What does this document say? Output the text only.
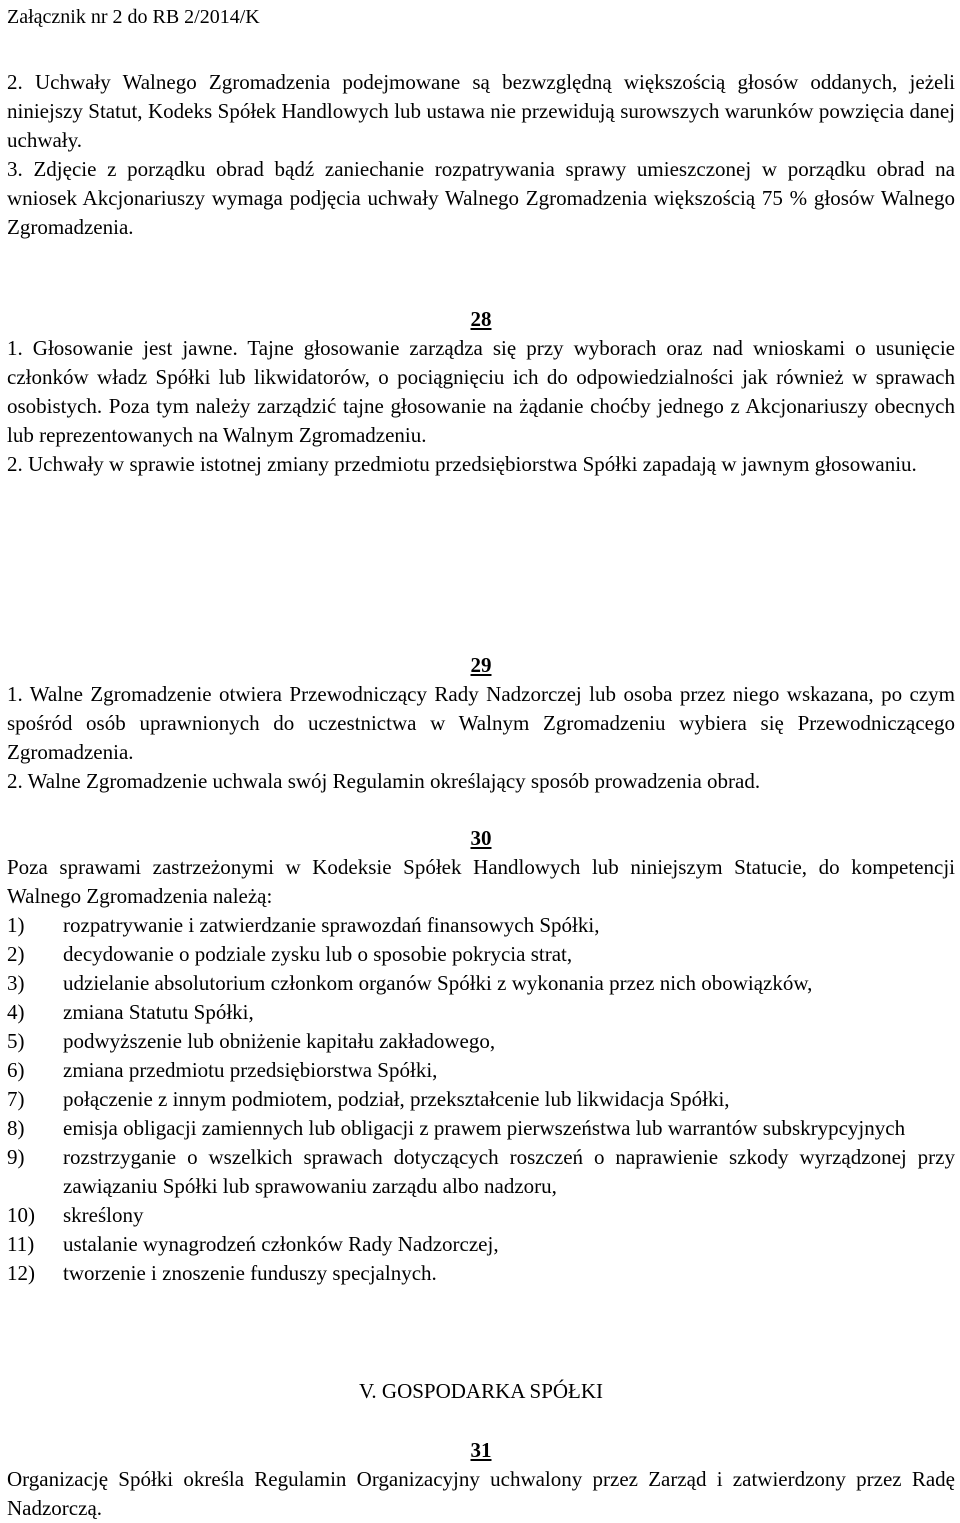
Załącznik nr 2 do RB 2/2014/K

2. Uchwały Walnego Zgromadzenia podejmowane są bezwzględną większością głosów oddanych, jeżeli niniejszy Statut, Kodeks Spółek Handlowych lub ustawa nie przewidują surowszych warunków powzięcia danej uchwały.

3. Zdjęcie z porządku obrad bądź zaniechanie rozpatrywania sprawy umieszczonej w porządku obrad na wniosek Akcjonariuszy wymaga podjęcia uchwały Walnego Zgromadzenia większością 75 % głosów Walnego Zgromadzenia.

28

1. Głosowanie jest jawne. Tajne głosowanie zarządza się przy wyborach oraz nad wnioskami o usunięcie członków władz Spółki lub likwidatorów, o pociągnięciu ich do odpowiedzialności jak również w sprawach osobistych. Poza tym należy zarządzić tajne głosowanie na żądanie choćby jednego z Akcjonariuszy obecnych lub reprezentowanych na Walnym Zgromadzeniu.

2. Uchwały w sprawie istotnej zmiany przedmiotu przedsiębiorstwa Spółki zapadają w jawnym głosowaniu.

29

1. Walne Zgromadzenie otwiera Przewodniczący Rady Nadzorczej lub osoba przez niego wskazana, po czym spośród osób uprawnionych do uczestnictwa w Walnym Zgromadzeniu wybiera się Przewodniczącego Zgromadzenia.

2. Walne Zgromadzenie uchwala swój Regulamin określający sposób prowadzenia obrad.

30

Poza sprawami zastrzeżonymi w Kodeksie Spółek Handlowych lub niniejszym Statucie, do kompetencji Walnego Zgromadzenia należą:

1) rozpatrywanie i zatwierdzanie sprawozdań finansowych Spółki,
2) decydowanie o podziale zysku lub o sposobie pokrycia strat,
3) udzielanie absolutorium członkom organów Spółki z wykonania przez nich obowiązków,
4) zmiana Statutu Spółki,
5) podwyższenie lub obniżenie kapitału zakładowego,
6) zmiana przedmiotu przedsiębiorstwa Spółki,
7) połączenie z innym podmiotem, podział, przekształcenie lub likwidacja Spółki,
8) emisja obligacji zamiennych lub obligacji z prawem pierwszeństwa lub warrantów subskrypcyjnych
9) rozstrzyganie o wszelkich sprawach dotyczących roszczeń o naprawienie szkody wyrządzonej przy zawiązaniu Spółki lub sprawowaniu zarządu albo nadzoru,
10) skreślony
11) ustalanie wynagrodzeń członków Rady Nadzorczej,
12) tworzenie i znoszenie funduszy specjalnych.
V. GOSPODARKA SPÓŁKI
31

Organizację Spółki określa Regulamin Organizacyjny uchwalony przez Zarząd i zatwierdzony przez Radę Nadzorczą.
